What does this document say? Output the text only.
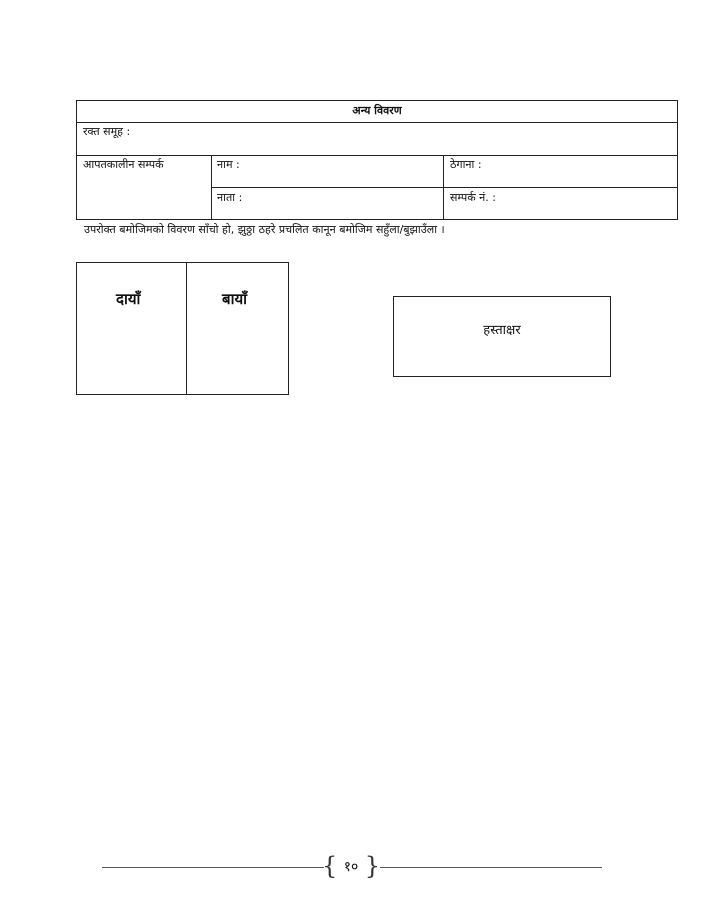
अन्य विवरण
रक्त समूह :
आपतकालीन सम्पर्क	नाम :	ठेगाना :
नाता :	सम्पर्क नं. :
उपरोक्त बमोजिमको विवरण साँचो हो, झुठ्ठा ठहरे प्रचलित कानून बमोजिम सहुँला/बुझाउँला ।
दायाँ	बायाँ
हस्ताक्षर
{ १० }
